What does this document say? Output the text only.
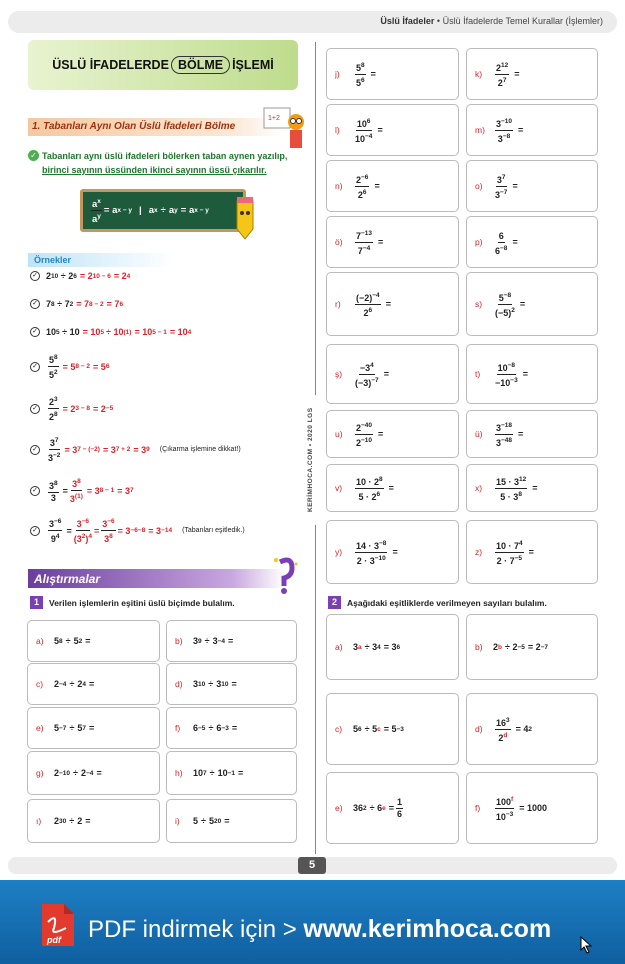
Üslü İfadeler • Üslü İfadelerde Temel Kurallar (İşlemler)
KERİMHOCA.COM • 2020 LGS
ÜSLÜ İFADELERDE BÖLME İŞLEMİ
1. Tabanları Aynı Olan Üslü İfadeleri Bölme
1+2
✓ Tabanları aynı üslü ifadeleri bölerken taban aynen yazılıp,
birinci sayının üssünden ikinci sayının üssü çıkarılır.
$\frac{a^x}{a^y} = a$ x − y | a x ÷ a y = a x − y
Örnekler
✓ 2 10
÷
2 6 = 2 10 − 6 = 2 4
✓ 7 8
÷
7 2 = 7 8 − 2 = 7 6
✓ 10 5
÷
10 = 10 5 ÷ 10 (1) = 10 5 − 1 = 10 4
✓ $\frac{5^8}{5^2} = 5$ 8 − 2 = 5 6
✓ $\frac{2^3}{2^8} = 2$ 3 − 8 = 2 −5
✓ $\frac{3^7}{3^{-2}} = 3$ 7 − (−2) = 3 7 + 2 = 3 9 (Çıkarma işlemine dikkat!)
✓ $\frac{3^8}{3} = \frac{3^8}{3^{(1)}} = 3$ 8 − 1 = 3 7
✓ $\frac{3^{-6}}{9^4} = \frac{3^{-6}}{(3^2)^4} = \frac{3^{-6}}{3^8} = 3 -6-8 = 3 -14$ (Tabanları eşitledik.)
Alıştırmalar
1	Verilen işlemlerin eşitini üslü biçimde bulalım.	2	Aşağıdaki eşitliklerde verilmeyen sayıları bulalım.
a)	5 8 ÷ 5 2 =	b)	3 9 ÷ 3 −4 =
c)	2 −4 ÷ 2 4 =	d)	3 10 ÷ 3 10 =
e)	5 −7 ÷ 5 7 =	f)	6 −5 ÷ 6 −3 =
g)	2 −10 ÷ 2 −4 =	h)	10 7 ÷ 10 −1 =
ı)	2 30 ÷ 2 =	i)	5 ÷ 5 20 =
j)	$\frac{5^8}{5^6}$ =	k)	$\frac{2^{12}}{2^7}$ =
l)	$\frac{10^6}{10^{-4}}$ =	m)	$\frac{3^{-10}}{3^{-8}}$ =
n)	$\frac{2^{-6}}{2^6}$ =	o)	$\frac{3^7}{3^{-7}}$ =
ö)	$\frac{7^{-13}}{7^{-4}}$ =	p)	$\frac{6}{6^{-8}}$ =
r)	$\frac{(-2)^{-4}}{2^6}$ =	s)	$\frac{5^{-8}}{(-5)^2}$ =
ş)	$\frac{-3^4}{(-3)^{-7}}$ =	t)	$\frac{10^{-8}}{-10^{-3}}$ =
u)	$\frac{2^{-40}}{2^{-10}}$ =	ü)	$\frac{3^{-18}}{3^{-48}}$ =
v)	$\frac{10 \cdot 2^8}{5 \cdot 2^6}$ =	x)	$\frac{15 \cdot 3^{12}}{5 \cdot 3^8}$ =
y)	$\frac{14 \cdot 3^{-8}}{2 \cdot 3^{-10}}$ =	z)	$\frac{10 \cdot 7^4}{2 \cdot 7^{-5}}$ =
a)	3 a ÷ 3 4 = 3 6	b)	2 b ÷ 2 −5 = 2 −7
c)	5 6 ÷ 5 c = 5 −3	d)	$\frac{16^3}{2^d} = 4$ 2
e)	36 2 ÷ 6 $e = \frac{1}{6}$	f)	$\frac{100^f}{10^{-3}} = 1000$
5
pdf PDF indirmek için > www.kerimhoca.com
